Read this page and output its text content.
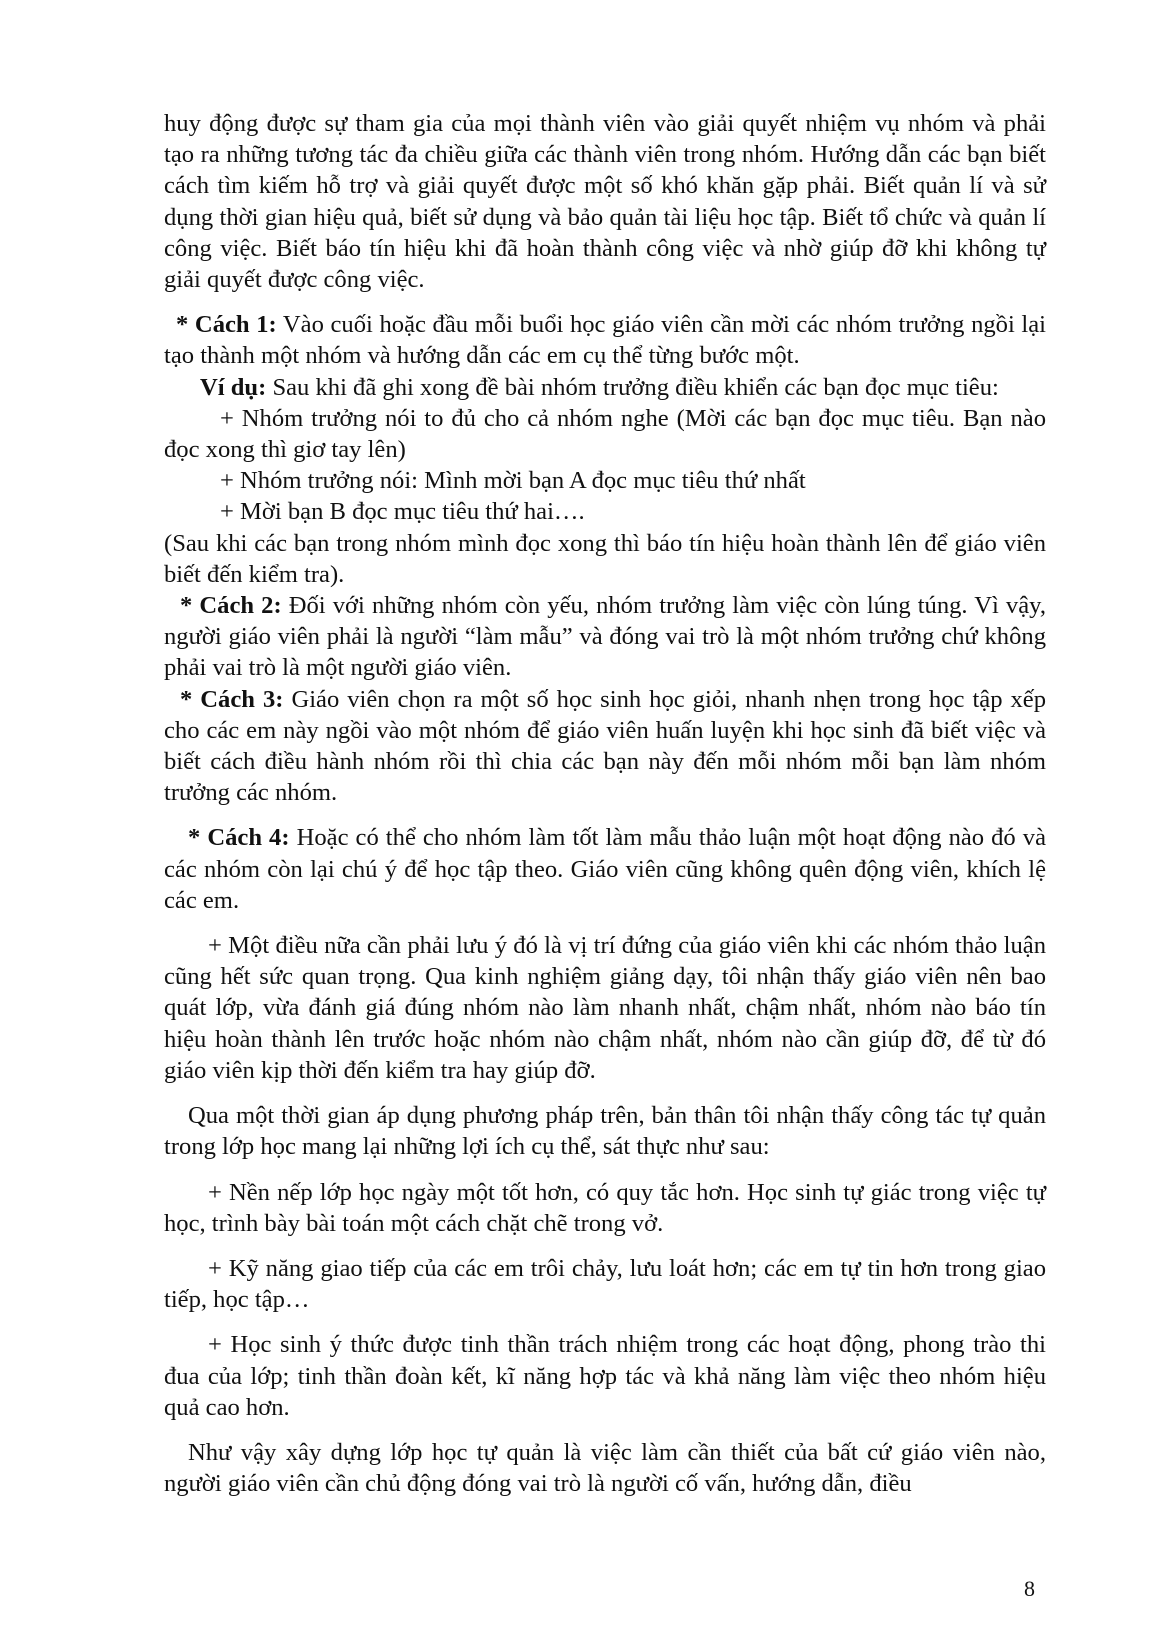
huy động được sự tham gia của mọi thành viên vào giải quyết nhiệm vụ nhóm và phải tạo ra những tương tác đa chiều giữa các thành viên trong nhóm. Hướng dẫn các bạn biết cách tìm kiếm hỗ trợ và giải quyết được một số khó khăn gặp phải. Biết quản lí và sử dụng thời gian hiệu quả, biết sử dụng và bảo quản tài liệu học tập. Biết tổ chức và quản lí công việc. Biết báo tín hiệu khi đã hoàn thành công việc và nhờ giúp đỡ khi không tự giải quyết được công việc.

* Cách 1: Vào cuối hoặc đầu mỗi buổi học giáo viên cần mời các nhóm trưởng ngồi lại tạo thành một nhóm và hướng dẫn các em cụ thể từng bước một.

Ví dụ: Sau khi đã ghi xong đề bài nhóm trưởng điều khiển các bạn đọc mục tiêu:

+ Nhóm trưởng nói to đủ cho cả nhóm nghe (Mời các bạn đọc mục tiêu. Bạn nào đọc xong thì giơ tay lên)

+ Nhóm trưởng nói: Mình mời bạn A đọc mục tiêu thứ nhất

+ Mời bạn B đọc mục tiêu thứ hai….

(Sau khi các bạn trong nhóm mình đọc xong thì báo tín hiệu hoàn thành lên để giáo viên biết đến kiểm tra).

* Cách 2: Đối với những nhóm còn yếu, nhóm trưởng làm việc còn lúng túng. Vì vậy, người giáo viên phải là người “làm mẫu” và đóng vai trò là một nhóm trưởng chứ không phải vai trò là một người giáo viên.

* Cách 3: Giáo viên chọn ra một số học sinh học giỏi, nhanh nhẹn trong học tập xếp cho các em này ngồi vào một nhóm để giáo viên huấn luyện khi học sinh đã biết việc và biết cách điều hành nhóm rồi thì chia các bạn này đến mỗi nhóm mỗi bạn làm nhóm trưởng các nhóm.

* Cách 4: Hoặc có thể cho nhóm làm tốt làm mẫu thảo luận một hoạt động nào đó và các nhóm còn lại chú ý để học tập theo. Giáo viên cũng không quên động viên, khích lệ các em.

+ Một điều nữa cần phải lưu ý đó là vị trí đứng của giáo viên khi các nhóm thảo luận cũng hết sức quan trọng. Qua kinh nghiệm giảng dạy, tôi nhận thấy giáo viên nên bao quát lớp, vừa đánh giá đúng nhóm nào làm nhanh nhất, chậm nhất, nhóm nào báo tín hiệu hoàn thành lên trước hoặc nhóm nào chậm nhất, nhóm nào cần giúp đỡ, để từ đó giáo viên kịp thời đến kiểm tra hay giúp đỡ.

Qua một thời gian áp dụng phương pháp trên, bản thân tôi nhận thấy công tác tự quản trong lớp học mang lại những lợi ích cụ thể, sát thực như sau:

+ Nền nếp lớp học ngày một tốt hơn, có quy tắc hơn. Học sinh tự giác trong việc tự học, trình bày bài toán một cách chặt chẽ trong vở.

+ Kỹ năng giao tiếp của các em trôi chảy, lưu loát hơn; các em tự tin hơn trong giao tiếp, học tập…

+ Học sinh ý thức được tinh thần trách nhiệm trong các hoạt động, phong trào thi đua của lớp; tinh thần đoàn kết, kĩ năng hợp tác và khả năng làm việc theo nhóm hiệu quả cao hơn.

Như vậy xây dựng lớp học tự quản là việc làm cần thiết của bất cứ giáo viên nào, người giáo viên cần chủ động đóng vai trò là người cố vấn, hướng dẫn, điều

8
